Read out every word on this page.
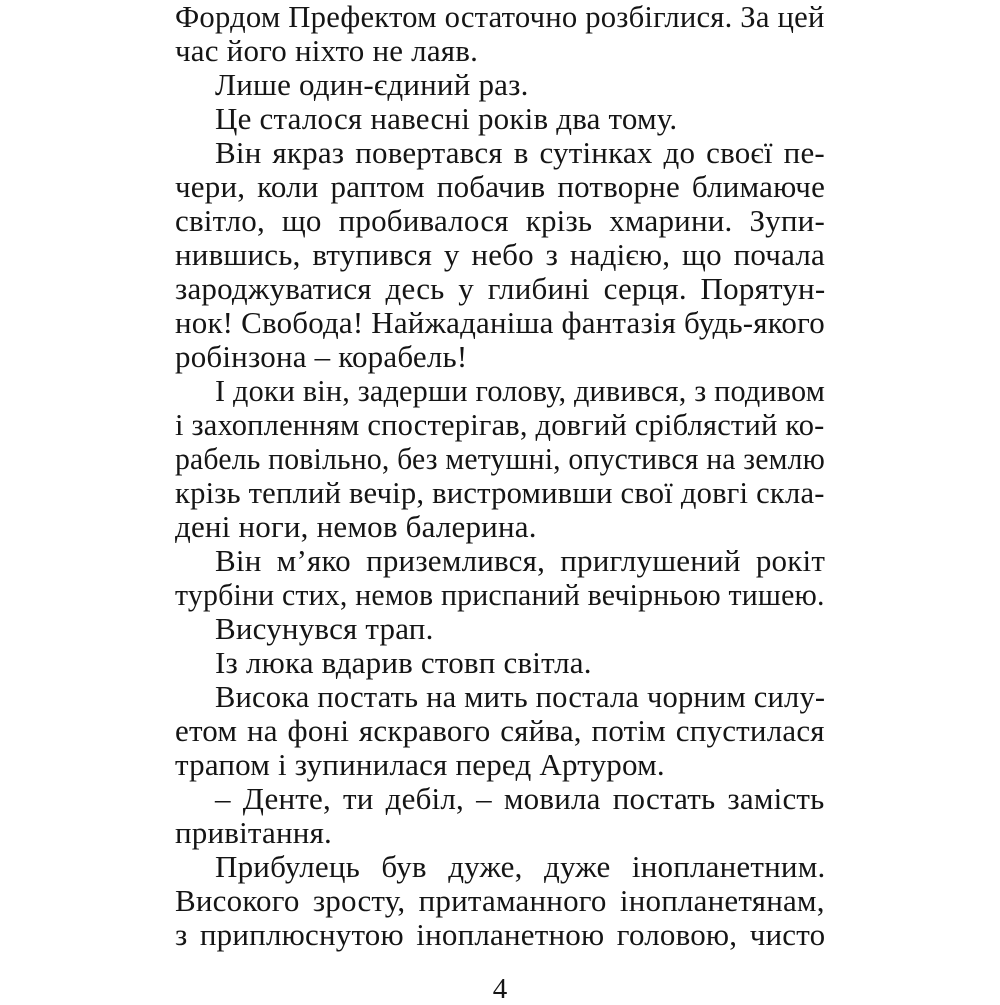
Фордом Префектом остаточно розбіглися. За цей
час його ніхто не лаяв.
Лише один-єдиний раз.
Це сталося навесні років два тому.
Він якраз повертався в сутінках до своєї пе-
чери, коли раптом побачив потворне блимаюче
світло, що пробивалося крізь хмарини. Зупи-
нившись, втупився у небо з надією, що почала
зароджуватися десь у глибині серця. Порятун-
нок! Свобода! Найжаданіша фантазія будь-якого
робінзона – корабель!
І доки він, задерши голову, дивився, з подивом
і захопленням спостерігав, довгий сріблястий ко-
рабель повільно, без метушні, опустився на землю
крізь теплий вечір, вистромивши свої довгі скла-
дені ноги, немов балерина.
Він м’яко приземлився, приглушений рокіт
турбіни стих, немов приспаний вечірньою тишею.
Висунувся трап.
Із люка вдарив стовп світла.
Висока постать на мить постала чорним силу-
етом на фоні яскравого сяйва, потім спустилася
трапом і зупинилася перед Артуром.
– Денте, ти дебіл, – мовила постать замість
привітання.
Прибулець був дуже, дуже інопланетним.
Високого зросту, притаманного інопланетянам,
з приплюснутою інопланетною головою, чисто
4
